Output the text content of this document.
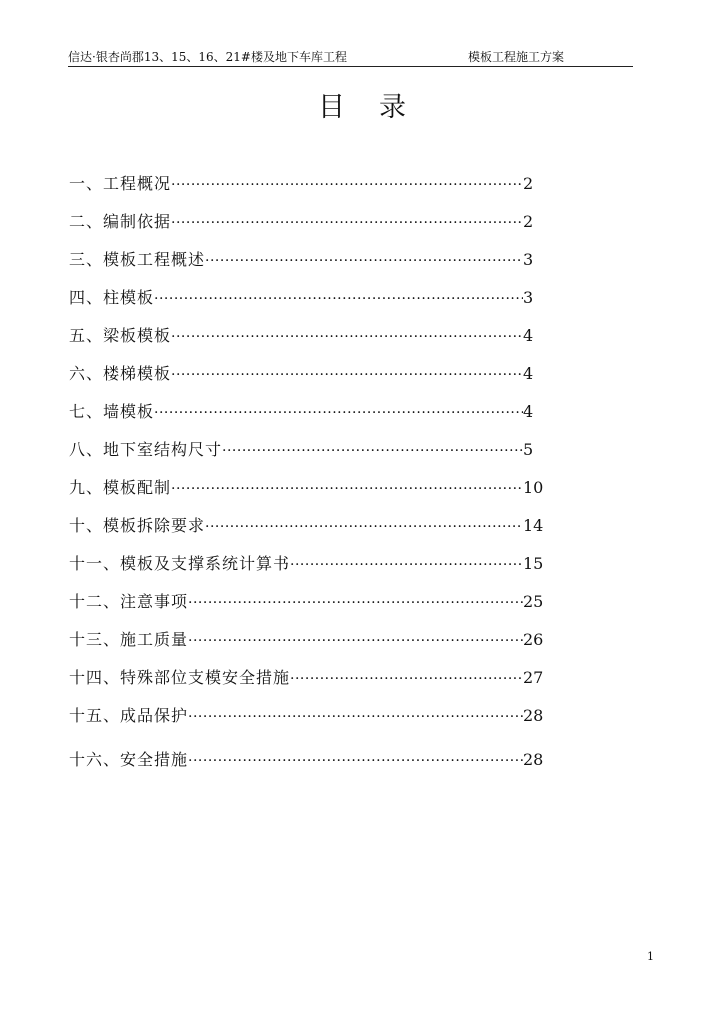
信达·银杏尚郡13、15、16、21#楼及地下车库工程	模板工程施工方案
目录
一、工程概况 ·····	2
二、编制依据 ·····	2
三、模板工程概述 ·····	3
四、柱模板 ·····	3
五、梁板模板 ·····	4
六、楼梯模板 ·····	4
七、墙模板 ·····	4
八、地下室结构尺寸 ·····	5
九、模板配制 ·····	10
十、模板拆除要求 ·····	14
十一、模板及支撑系统计算书 ·····	15
十二、注意事项 ·····	25
十三、施工质量 ·····	26
十四、特殊部位支模安全措施 ·····	27
十五、成品保护 ·····	28
十六、安全措施 ·····	28
1
